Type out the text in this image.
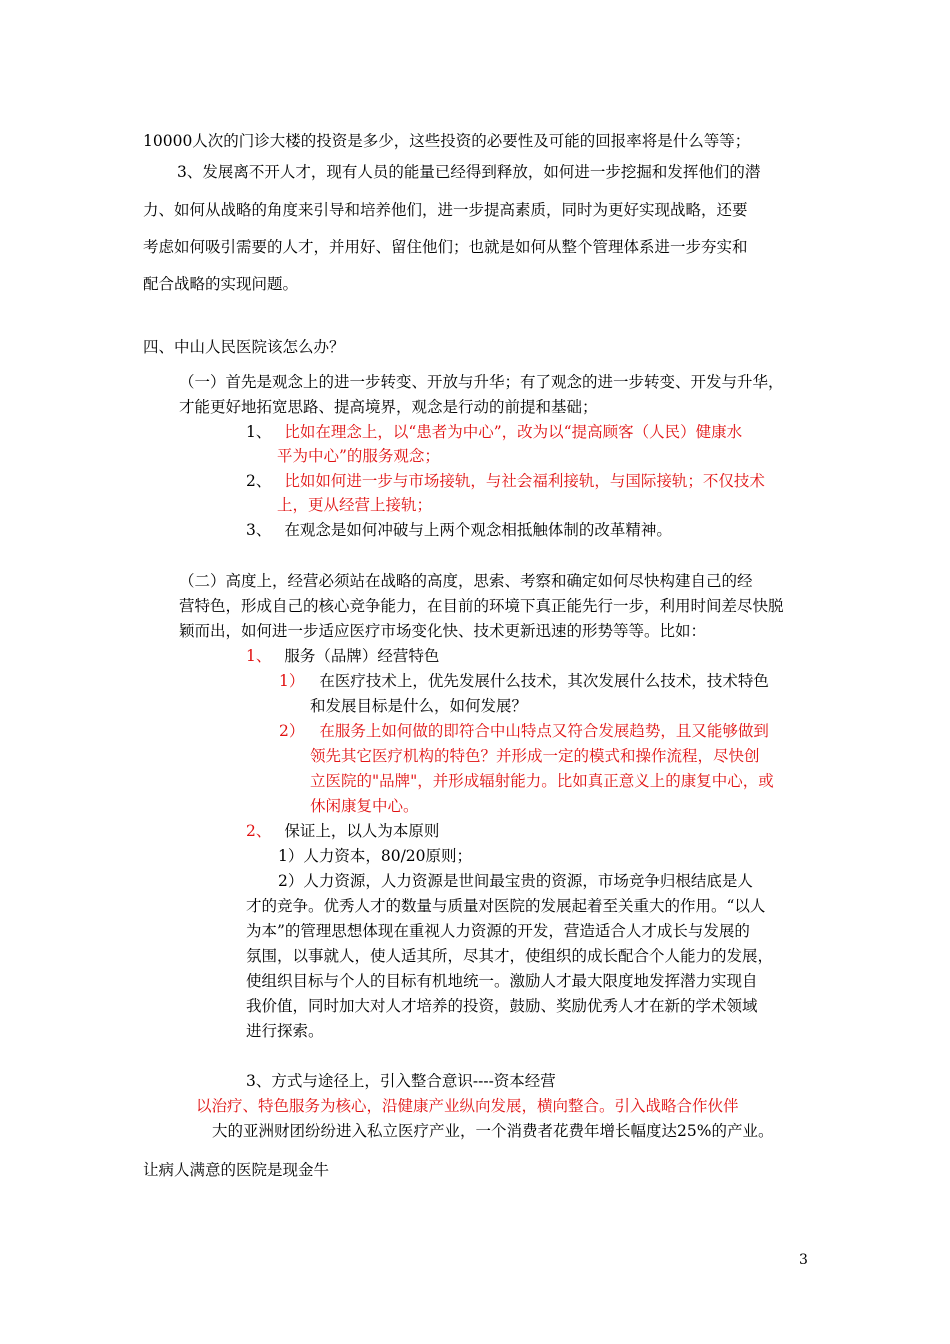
10000人次的门诊大楼的投资是多少，这些投资的必要性及可能的回报率将是什么等等；
3、发展离不开人才，现有人员的能量已经得到释放，如何进一步挖掘和发挥他们的潜
力、如何从战略的角度来引导和培养他们，进一步提高素质，同时为更好实现战略，还要
考虑如何吸引需要的人才，并用好、留住他们；也就是如何从整个管理体系进一步夯实和
配合战略的实现问题。
四、中山人民医院该怎么办？
（一）首先是观念上的进一步转变、开放与升华；有了观念的进一步转变、开发与升华，
才能更好地拓宽思路、提高境界，观念是行动的前提和基础；
1、 比如在理念上，以“患者为中心”，改为以“提高顾客（人民）健康水
平为中心”的服务观念；
2、 比如如何进一步与市场接轨，与社会福利接轨，与国际接轨；不仅技术
上，更从经营上接轨；
3、 在观念是如何冲破与上两个观念相抵触体制的改革精神。
（二）高度上，经营必须站在战略的高度，思索、考察和确定如何尽快构建自己的经
营特色，形成自己的核心竞争能力，在目前的环境下真正能先行一步，利用时间差尽快脱
颖而出，如何进一步适应医疗市场变化快、技术更新迅速的形势等等。比如：
1、 服务（品牌）经营特色
1） 在医疗技术上，优先发展什么技术，其次发展什么技术，技术特色
和发展目标是什么，如何发展？
2） 在服务上如何做的即符合中山特点又符合发展趋势，且又能够做到
领先其它医疗机构的特色？并形成一定的模式和操作流程，尽快创
立医院的"品牌"，并形成辐射能力。比如真正意义上的康复中心，或
休闲康复中心。
2、 保证上，以人为本原则
1）人力资本，80/20原则；
2）人力资源，人力资源是世间最宝贵的资源，市场竞争归根结底是人
才的竞争。优秀人才的数量与质量对医院的发展起着至关重大的作用。“以人
为本”的管理思想体现在重视人力资源的开发，营造适合人才成长与发展的
氛围，以事就人，使人适其所，尽其才，使组织的成长配合个人能力的发展，
使组织目标与个人的目标有机地统一。激励人才最大限度地发挥潜力实现自
我价值，同时加大对人才培养的投资，鼓励、奖励优秀人才在新的学术领域
进行探索。
3、方式与途径上，引入整合意识----资本经营
以治疗、特色服务为核心，沿健康产业纵向发展，横向整合。引入战略合作伙伴
大的亚洲财团纷纷进入私立医疗产业，一个消费者花费年增长幅度达25%的产业。
让病人满意的医院是现金牛
3
